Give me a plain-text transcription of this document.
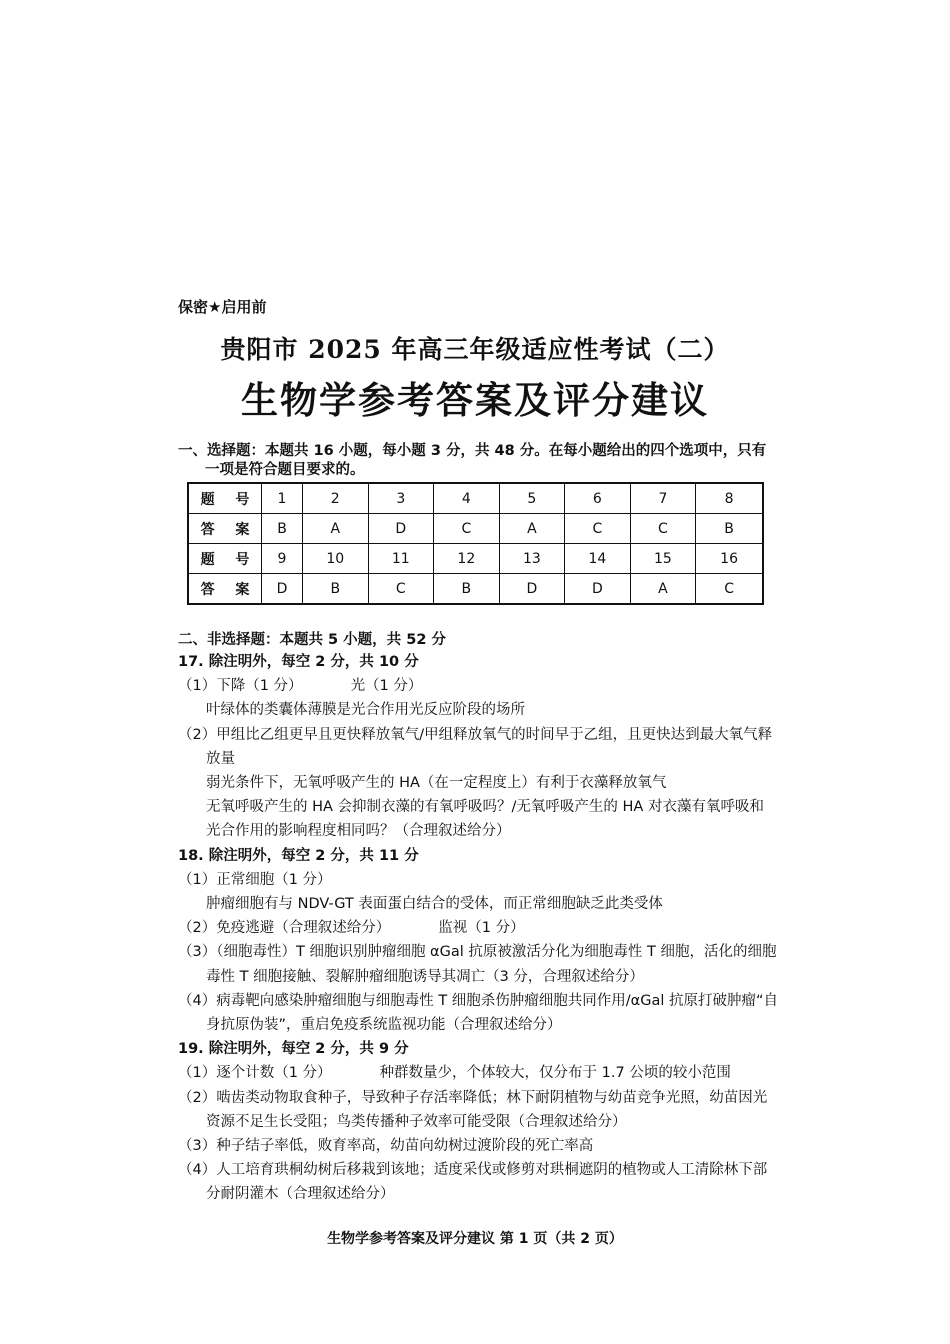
保密★启用前
贵阳市 2025 年高三年级适应性考试（二）
生物学参考答案及评分建议
一、选择题：本题共 16 小题，每小题 3 分，共 48 分。在每小题给出的四个选项中，只有
一项是符合题目要求的。
题 号	1	2	3	4	5	6	7	8
答 案	B	A	D	C	A	C	C	B
题 号	9	10	11	12	13	14	15	16
答 案	D	B	C	B	D	D	A	C
二、非选择题：本题共 5 小题，共 52 分
17. 除注明外，每空 2 分，共 10 分
（1）下降（1 分）	光（1 分）
叶绿体的类囊体薄膜是光合作用光反应阶段的场所
（2）甲组比乙组更早且更快释放氧气/甲组释放氧气的时间早于乙组，且更快达到最大氧气释放量
弱光条件下，无氧呼吸产生的 HA（在一定程度上）有利于衣藻释放氧气
无氧呼吸产生的 HA 会抑制衣藻的有氧呼吸吗？/无氧呼吸产生的 HA 对衣藻有氧呼吸和光合作用的影响程度相同吗？（合理叙述给分）
18. 除注明外，每空 2 分，共 11 分
（1）正常细胞（1 分）
肿瘤细胞有与 NDV-GT 表面蛋白结合的受体，而正常细胞缺乏此类受体
（2）免疫逃避（合理叙述给分）	监视（1 分）
（3）（细胞毒性）T 细胞识别肿瘤细胞 αGal 抗原被激活分化为细胞毒性 T 细胞，活化的细胞毒性 T 细胞接触、裂解肿瘤细胞诱导其凋亡（3 分，合理叙述给分）
（4）病毒靶向感染肿瘤细胞与细胞毒性 T 细胞杀伤肿瘤细胞共同作用/αGal 抗原打破肿瘤“自身抗原伪装”，重启免疫系统监视功能（合理叙述给分）
19. 除注明外，每空 2 分，共 9 分
（1）逐个计数（1 分）	种群数量少，个体较大，仅分布于 1.7 公顷的较小范围
（2）啮齿类动物取食种子，导致种子存活率降低；林下耐阴植物与幼苗竞争光照，幼苗因光资源不足生长受阻；鸟类传播种子效率可能受限（合理叙述给分）
（3）种子结子率低，败育率高，幼苗向幼树过渡阶段的死亡率高
（4）人工培育珙桐幼树后移栽到该地；适度采伐或修剪对珙桐遮阴的植物或人工清除林下部分耐阴灌木（合理叙述给分）
生物学参考答案及评分建议 第 1 页（共 2 页）
